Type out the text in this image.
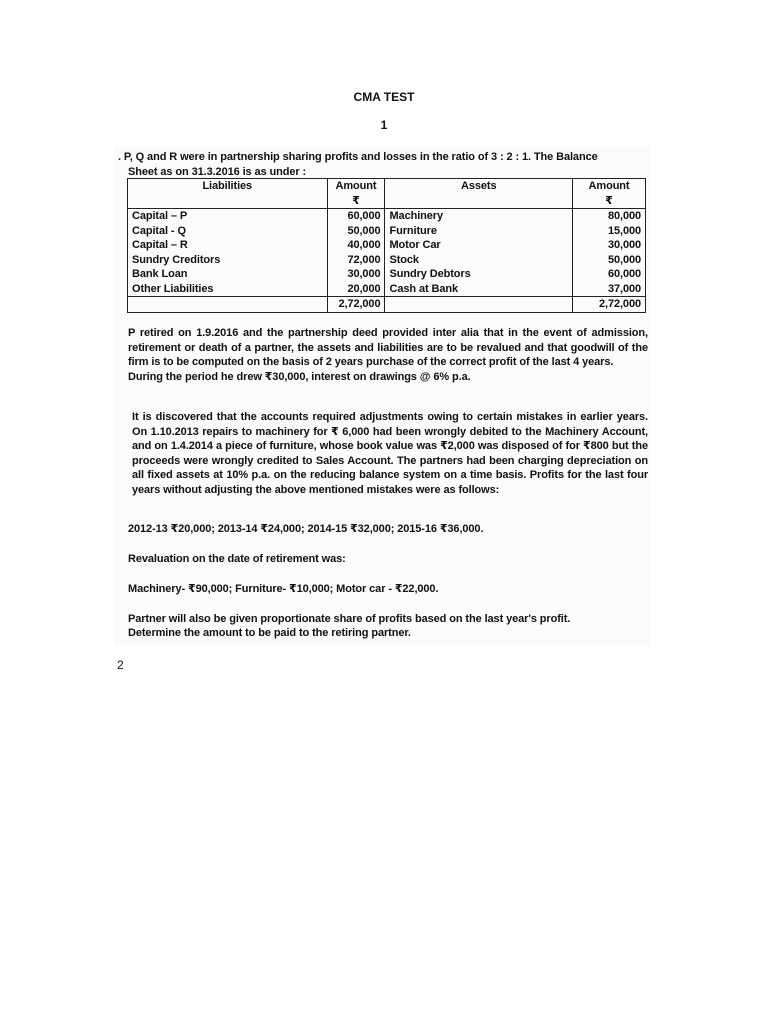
CMA TEST
1
. P, Q and R were in partnership sharing profits and losses in the ratio of 3 : 2 : 1. The Balance
Sheet as on 31.3.2016 is as under :
Liabilities	Amount	Assets	Amount
	₹		₹
Capital – P	60,000	Machinery	80,000
Capital - Q	50,000	Furniture	15,000
Capital – R	40,000	Motor Car	30,000
Sundry Creditors	72,000	Stock	50,000
Bank Loan	30,000	Sundry Debtors	60,000
Other Liabilities	20,000	Cash at Bank	37,000
	2,72,000		2,72,000
P retired on 1.9.2016 and the partnership deed provided inter alia that in the event of admission, retirement or death of a partner, the assets and liabilities are to be revalued and that goodwill of the firm is to be computed on the basis of 2 years purchase of the correct profit of the last 4 years.
During the period he drew ₹30,000, interest on drawings @ 6% p.a.
It is discovered that the accounts required adjustments owing to certain mistakes in earlier years. On 1.10.2013 repairs to machinery for ₹ 6,000 had been wrongly debited to the Machinery Account, and on 1.4.2014 a piece of furniture, whose book value was ₹2,000 was disposed of for ₹800 but the proceeds were wrongly credited to Sales Account. The partners had been charging depreciation on all fixed assets at 10% p.a. on the reducing balance system on a time basis. Profits for the last four years without adjusting the above mentioned mistakes were as follows:
2012-13 ₹20,000; 2013-14 ₹24,000; 2014-15 ₹32,000; 2015-16 ₹36,000.
Revaluation on the date of retirement was:
Machinery- ₹90,000; Furniture- ₹10,000; Motor car - ₹22,000.
Partner will also be given proportionate share of profits based on the last year's profit.
Determine the amount to be paid to the retiring partner.
2
